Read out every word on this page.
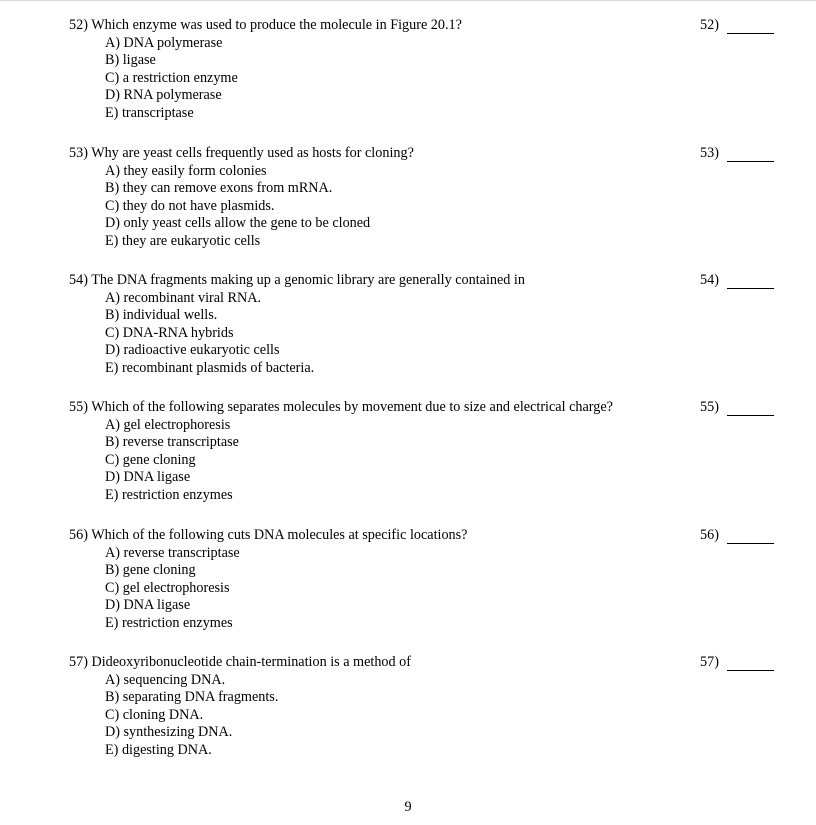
52) Which enzyme was used to produce the molecule in Figure 20.1?
A) DNA polymerase
B) ligase
C) a restriction enzyme
D) RNA polymerase
E) transcriptase
52)
53) Why are yeast cells frequently used as hosts for cloning?
A) they easily form colonies
B) they can remove exons from mRNA.
C) they do not have plasmids.
D) only yeast cells allow the gene to be cloned
E) they are eukaryotic cells
53)
54) The DNA fragments making up a genomic library are generally contained in
A) recombinant viral RNA.
B) individual wells.
C) DNA-RNA hybrids
D) radioactive eukaryotic cells
E) recombinant plasmids of bacteria.
54)
55) Which of the following separates molecules by movement due to size and electrical charge?
A) gel electrophoresis
B) reverse transcriptase
C) gene cloning
D) DNA ligase
E) restriction enzymes
55)
56) Which of the following cuts DNA molecules at specific locations?
A) reverse transcriptase
B) gene cloning
C) gel electrophoresis
D) DNA ligase
E) restriction enzymes
56)
57) Dideoxyribonucleotide chain-termination is a method of
A) sequencing DNA.
B) separating DNA fragments.
C) cloning DNA.
D) synthesizing DNA.
E) digesting DNA.
57)
9
